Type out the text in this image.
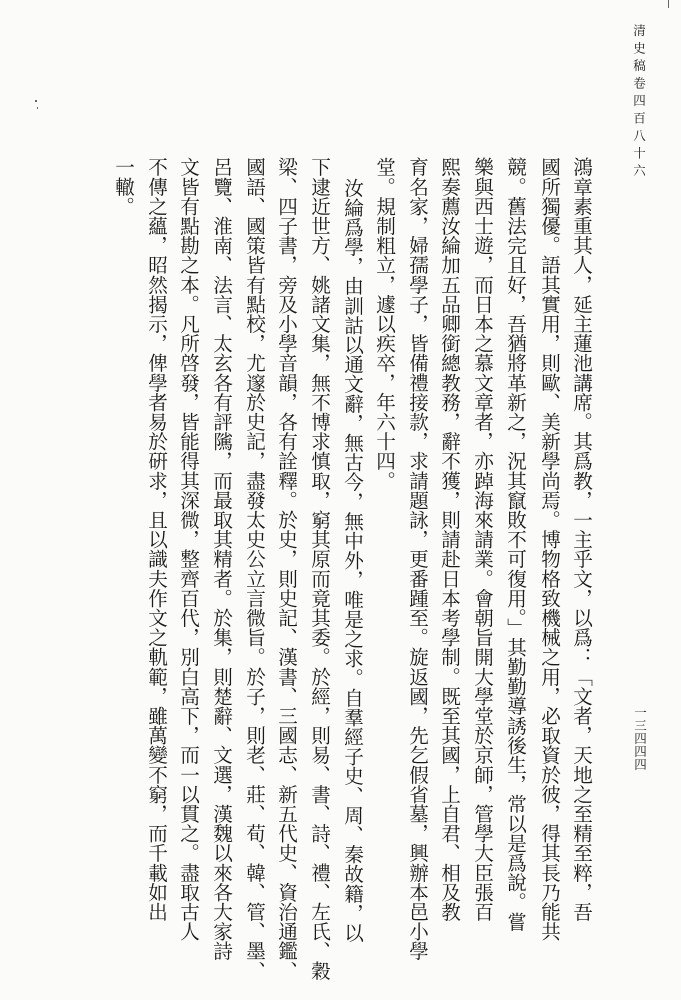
清史稿卷四百八十六
一三四四四
鴻章素重其人，延主蓮池講席。其爲教，一主乎文，以爲：「文者，天地之至精至粹，吾
國所獨優。語其實用，則歐、美新學尚焉。博物格致機械之用，必取資於彼，得其長乃能共
競。舊法完且好，吾猶將革新之，況其竄敗不可復用。」其勤勤導誘後生，常以是爲說。嘗
樂與西士遊，而日本之慕文章者，亦踔海來請業。會朝旨開大學堂於京師，管學大臣張百
熙奏薦汝綸加五品卿銜總教務，辭不獲，則請赴日本考學制。既至其國，上自君、相及教
育名家，婦孺學子，皆備禮接款，求請題詠，更番踵至。旋返國，先乞假省墓，興辦本邑小學
堂。規制粗立，遽以疾卒，年六十四。
汝綸爲學，由訓詁以通文辭，無古今，無中外，唯是之求。自羣經子史、周、秦故籍，以
下逮近世方、姚諸文集，無不博求慎取，窮其原而竟其委。於經，則易、書、詩、禮、左氏、穀
梁、四子書，旁及小學音韻，各有詮釋。於史，則史記、漢書、三國志、新五代史、資治通鑑、
國語、國策皆有點校，尤邃於史記，盡發太史公立言微旨。於子，則老、莊、荀、韓、管、墨、
呂覽、淮南、法言、太玄各有評隲，而最取其精者。於集，則楚辭、文選，漢魏以來各大家詩
文皆有點勘之本。凡所啓發，皆能得其深微，整齊百代，別白高下，而一以貫之。盡取古人
不傳之蘊，昭然揭示，俾學者易於硏求，且以識夫作文之軌範，雖萬變不窮，而千載如出
一轍。
